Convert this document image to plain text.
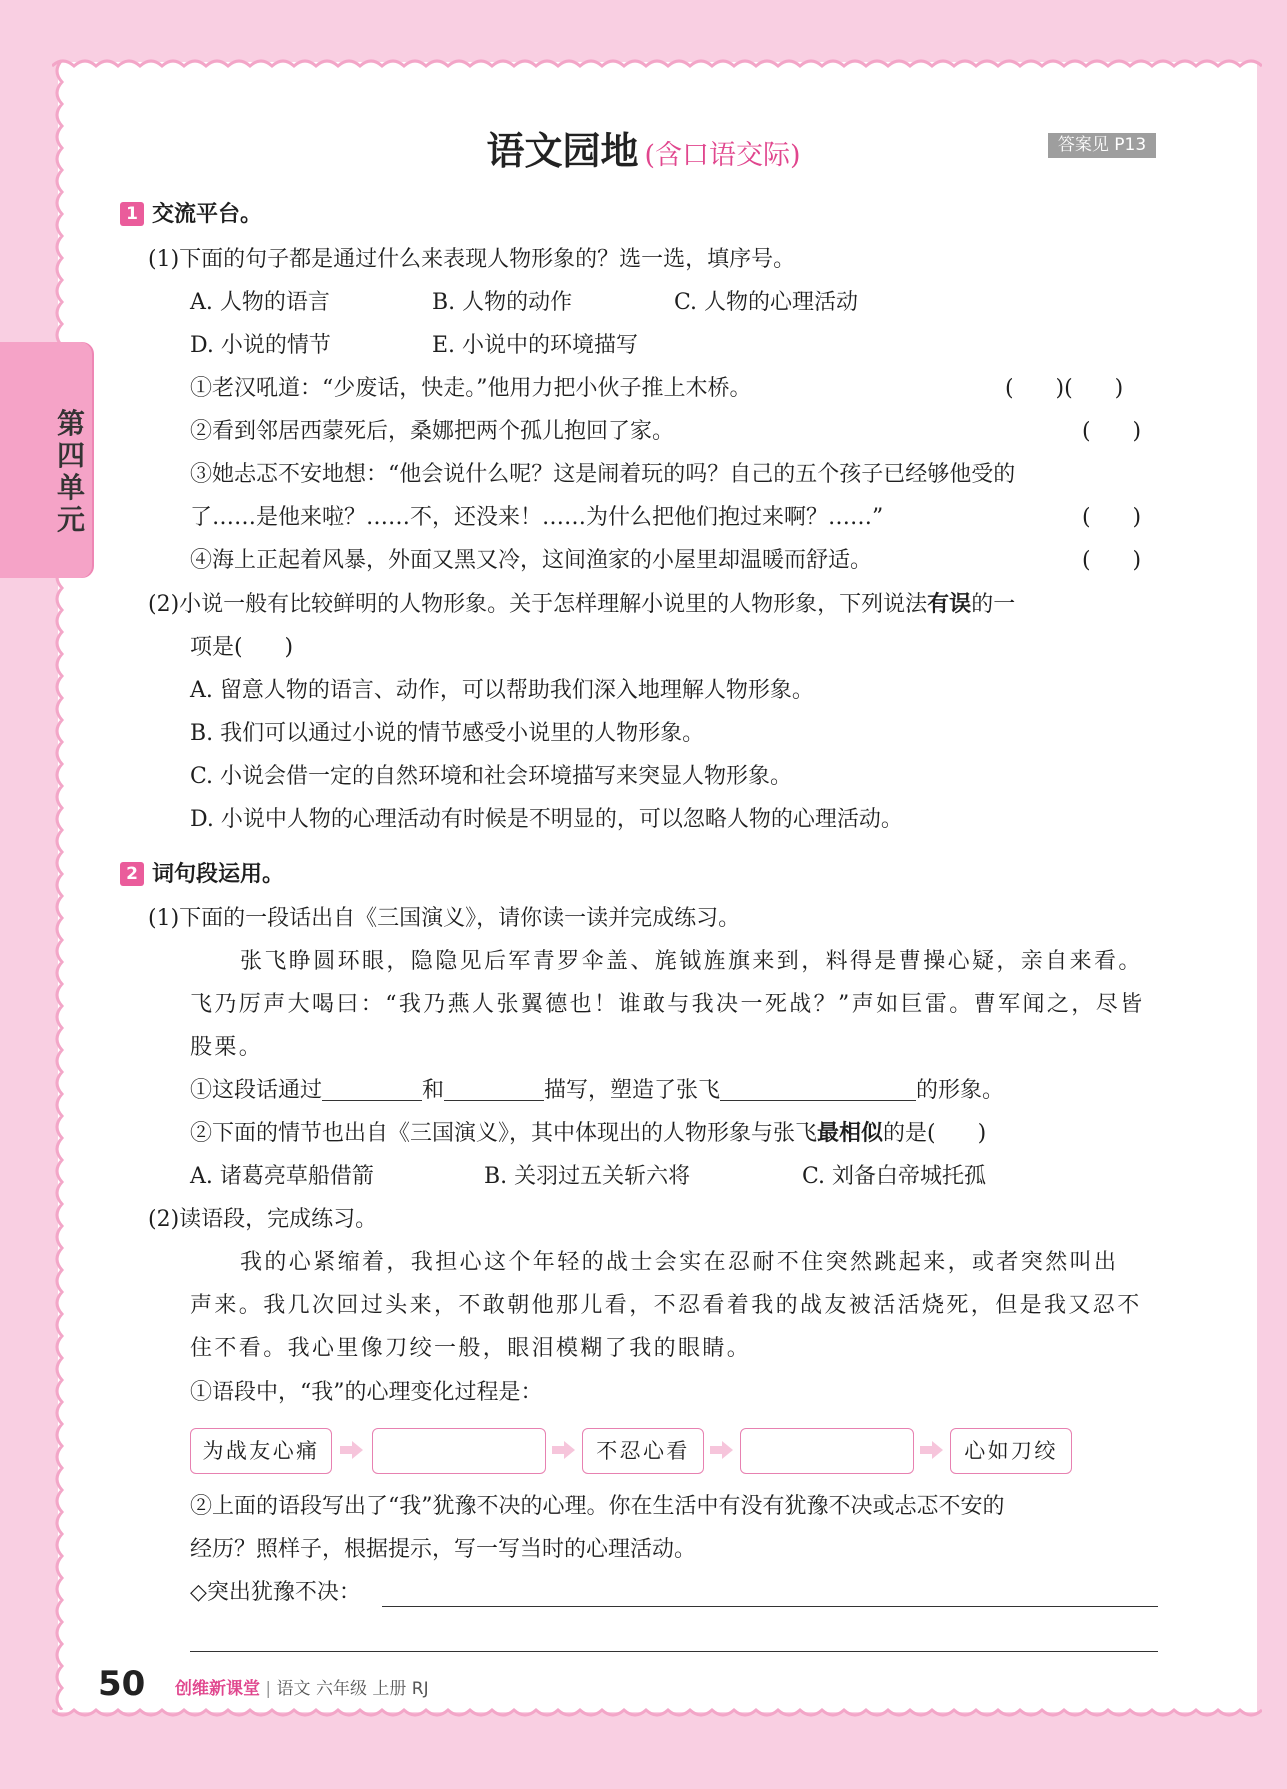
第四单元
语文园地 (含口语交际)	答案见 P13
1 交流平台。
(1)下面的句子都是通过什么来表现人物形象的？选一选，填序号。
A. 人物的语言	B. 人物的动作	C. 人物的心理活动
D. 小说的情节	E. 小说中的环境描写
①老汉吼道：“少废话，快走。”他用力把小伙子推上木桥。	(      )(      )
②看到邻居西蒙死后，桑娜把两个孤儿抱回了家。	(      )
③她忐忑不安地想：“他会说什么呢？这是闹着玩的吗？自己的五个孩子已经够他受的
了……是他来啦？……不，还没来！……为什么把他们抱过来啊？……”	(      )
④海上正起着风暴，外面又黑又冷，这间渔家的小屋里却温暖而舒适。	(      )
(2)小说一般有比较鲜明的人物形象。关于怎样理解小说里的人物形象，下列说法有误的一
项是(      )
A. 留意人物的语言、动作，可以帮助我们深入地理解人物形象。
B. 我们可以通过小说的情节感受小说里的人物形象。
C. 小说会借一定的自然环境和社会环境描写来突显人物形象。
D. 小说中人物的心理活动有时候是不明显的，可以忽略人物的心理活动。
2 词句段运用。
(1)下面的一段话出自《三国演义》，请你读一读并完成练习。
张飞睁圆环眼，隐隐见后军青罗伞盖、旄钺旌旗来到，料得是曹操心疑，亲自来看。
飞乃厉声大喝曰：“我乃燕人张翼德也！谁敢与我决一死战？”声如巨雷。曹军闻之，尽皆
股栗。
①这段话通过	和	描写，塑造了张飞	的形象。
②下面的情节也出自《三国演义》，其中体现出的人物形象与张飞最相似的是(      )
A. 诸葛亮草船借箭	B. 关羽过五关斩六将	C. 刘备白帝城托孤
(2)读语段，完成练习。
我的心紧缩着，我担心这个年轻的战士会实在忍耐不住突然跳起来，或者突然叫出
声来。我几次回过头来，不敢朝他那儿看，不忍看着我的战友被活活烧死，但是我又忍不
住不看。我心里像刀绞一般，眼泪模糊了我的眼睛。
①语段中，“我”的心理变化过程是：
为战友心痛	不忍心看	心如刀绞
②上面的语段写出了“我”犹豫不决的心理。你在生活中有没有犹豫不决或忐忑不安的
经历？照样子，根据提示，写一写当时的心理活动。
◇突出犹豫不决：
50 创维新课堂 | 语文 六年级 上册 RJ
